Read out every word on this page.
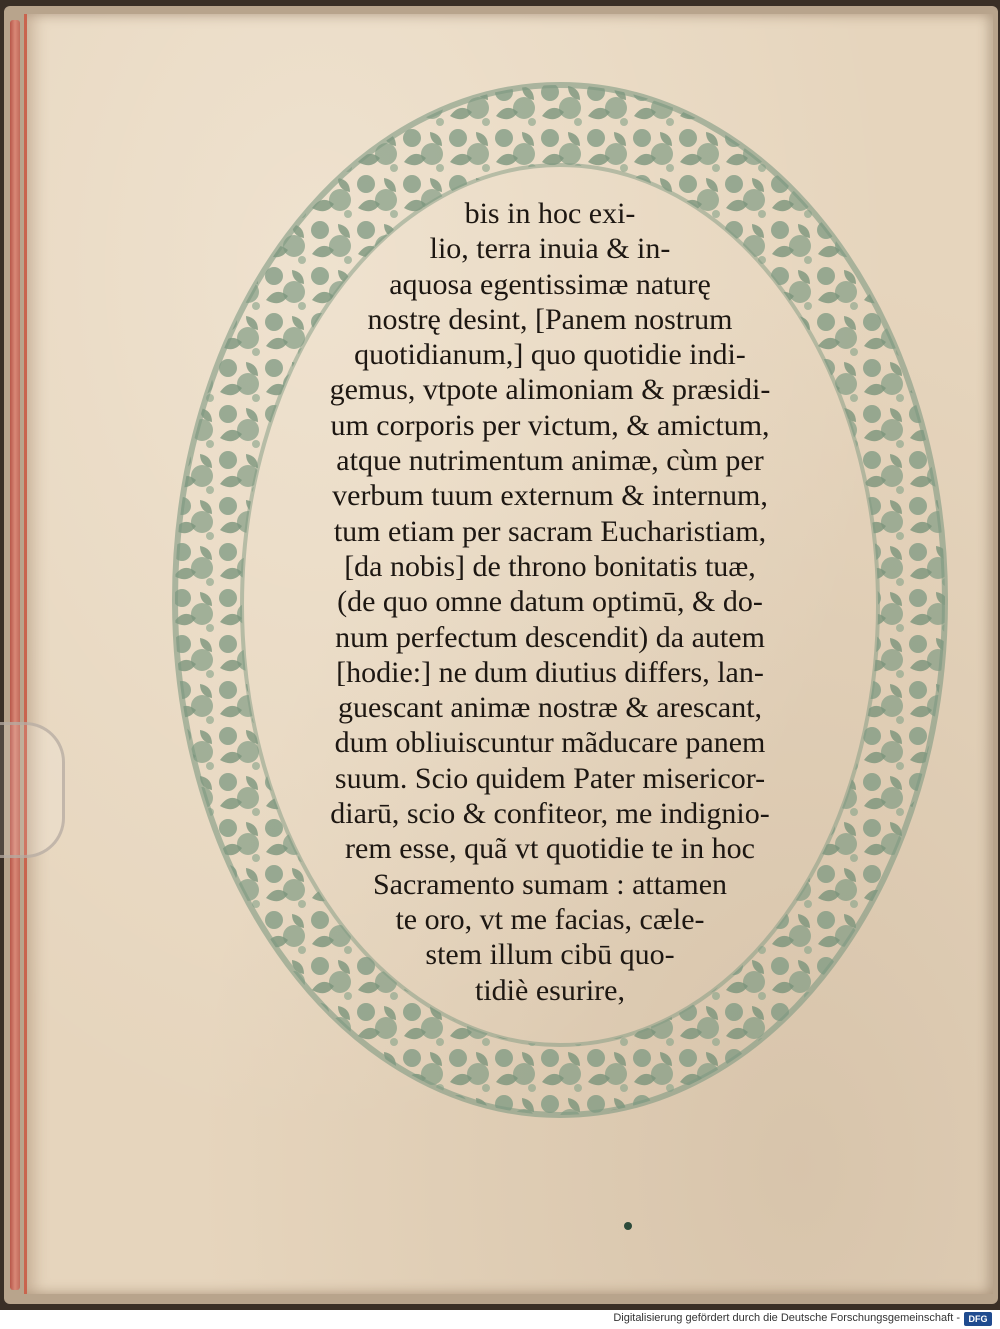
bis in hoc exi-
lio, terra inuia & in-
aquosa egentissimæ naturę
nostrę desint, [Panem nostrum
quotidianum,] quo quotidie indi-
gemus, vtpote alimoniam & præsidi-
um corporis per victum, & amictum,
atque nutrimentum animæ, cùm per
verbum tuum externum & internum,
tum etiam per sacram Eucharistiam,
[da nobis] de throno bonitatis tuæ,
(de quo omne datum optimū, & do-
num perfectum descendit) da autem
[hodie:] ne dum diutius differs, lan-
guescant animæ nostræ & arescant,
dum obliuiscuntur mãducare panem
suum. Scio quidem Pater misericor-
diarū, scio & confiteor, me indignio-
rem esse, quã vt quotidie te in hoc
Sacramento sumam : attamen
te oro, vt me facias, cæle-
stem illum cibū quo-
tidiè esurire,
Digitalisierung gefördert durch die Deutsche Forschungsgemeinschaft - DFG
